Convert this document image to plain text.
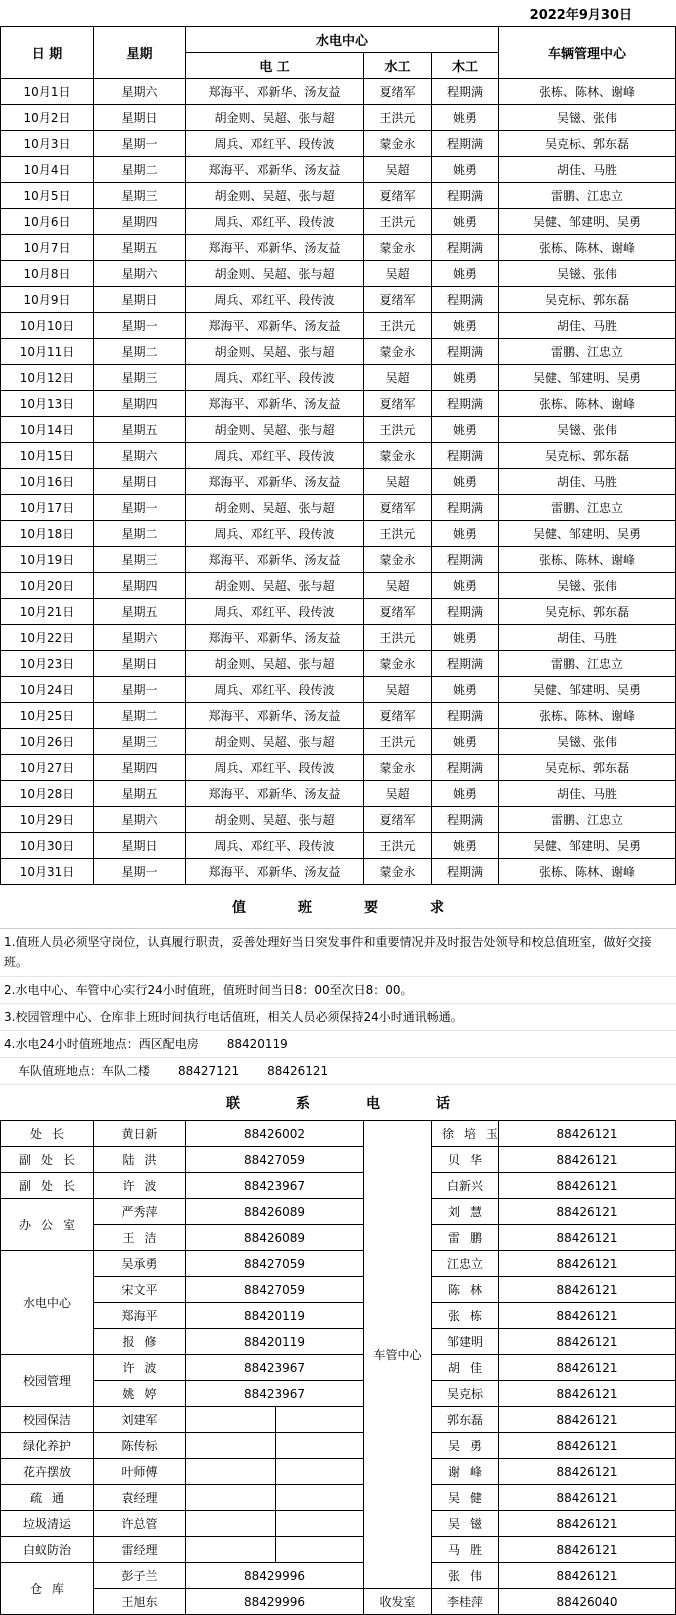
2022年9月30日
日 期	星期	水电中心			车辆管理中心
		电 工	水工	木工	
10月1日	星期六	郑海平、邓新华、汤友益	夏绪军	程期满	张栋、陈林、谢峰
10月2日	星期日	胡金则、吴超、张与超	王洪元	姚勇	吴镃、张伟
10月3日	星期一	周兵、邓红平、段传波	蒙金永	程期满	吴克标、郭东磊
10月4日	星期二	郑海平、邓新华、汤友益	吴超	姚勇	胡佳、马胜
10月5日	星期三	胡金则、吴超、张与超	夏绪军	程期满	雷鹏、江忠立
10月6日	星期四	周兵、邓红平、段传波	王洪元	姚勇	吴健、邹建明、吴勇
10月7日	星期五	郑海平、邓新华、汤友益	蒙金永	程期满	张栋、陈林、谢峰
10月8日	星期六	胡金则、吴超、张与超	吴超	姚勇	吴镃、张伟
10月9日	星期日	周兵、邓红平、段传波	夏绪军	程期满	吴克标、郭东磊
10月10日	星期一	郑海平、邓新华、汤友益	王洪元	姚勇	胡佳、马胜
10月11日	星期二	胡金则、吴超、张与超	蒙金永	程期满	雷鹏、江忠立
10月12日	星期三	周兵、邓红平、段传波	吴超	姚勇	吴健、邹建明、吴勇
10月13日	星期四	郑海平、邓新华、汤友益	夏绪军	程期满	张栋、陈林、谢峰
10月14日	星期五	胡金则、吴超、张与超	王洪元	姚勇	吴镃、张伟
10月15日	星期六	周兵、邓红平、段传波	蒙金永	程期满	吴克标、郭东磊
10月16日	星期日	郑海平、邓新华、汤友益	吴超	姚勇	胡佳、马胜
10月17日	星期一	胡金则、吴超、张与超	夏绪军	程期满	雷鹏、江忠立
10月18日	星期二	周兵、邓红平、段传波	王洪元	姚勇	吴健、邹建明、吴勇
10月19日	星期三	郑海平、邓新华、汤友益	蒙金永	程期满	张栋、陈林、谢峰
10月20日	星期四	胡金则、吴超、张与超	吴超	姚勇	吴镃、张伟
10月21日	星期五	周兵、邓红平、段传波	夏绪军	程期满	吴克标、郭东磊
10月22日	星期六	郑海平、邓新华、汤友益	王洪元	姚勇	胡佳、马胜
10月23日	星期日	胡金则、吴超、张与超	蒙金永	程期满	雷鹏、江忠立
10月24日	星期一	周兵、邓红平、段传波	吴超	姚勇	吴健、邹建明、吴勇
10月25日	星期二	郑海平、邓新华、汤友益	夏绪军	程期满	张栋、陈林、谢峰
10月26日	星期三	胡金则、吴超、张与超	王洪元	姚勇	吴镃、张伟
10月27日	星期四	周兵、邓红平、段传波	蒙金永	程期满	吴克标、郭东磊
10月28日	星期五	郑海平、邓新华、汤友益	吴超	姚勇	胡佳、马胜
10月29日	星期六	胡金则、吴超、张与超	夏绪军	程期满	雷鹏、江忠立
10月30日	星期日	周兵、邓红平、段传波	王洪元	姚勇	吴健、邹建明、吴勇
10月31日	星期一	郑海平、邓新华、汤友益	蒙金永	程期满	张栋、陈林、谢峰
值班要求
1.值班人员必须坚守岗位，认真履行职责，妥善处理好当日突发事件和重要情况并及时报告处领导和校总值班室，做好交接班。
2.水电中心、车管中心实行24小时值班，值班时间当日8：00至次日8：00。
3.校园管理中心、仓库非上班时间执行电话值班，相关人员必须保持24小时通讯畅通。
4.水电24小时值班地点：西区配电房 88420119
车队值班地点：车队二楼 88427121 88426121
联系电话
处长	黄日新	88426002		车管中心	徐培玉	88426121
副处长	陆洪	88427059			贝华	88426121
副处长	许波	88423967			白新兴	88426121
办公室	严秀萍	88426089			刘慧	88426121
	王洁	88426089			雷鹏	88426121
水电中心	吴承勇	88427059			江忠立	88426121
	宋文平	88427059			陈林	88426121
	郑海平	88420119			张栋	88426121
	报修	88420119			邹建明	88426121
校园管理	许波	88423967			胡佳	88426121
	姚婷	88423967			吴克标	88426121
校园保洁	刘建军				郭东磊	88426121
绿化养护	陈传标				吴勇	88426121
花卉摆放	叶师傅				谢峰	88426121
疏通	袁经理				吴健	88426121
垃圾清运	许总管				吴镃	88426121
白蚁防治	雷经理				马胜	88426121
仓库	彭子兰	88429996			张伟	88426121
	王旭东	88429996		收发室	李桂萍	88426040
